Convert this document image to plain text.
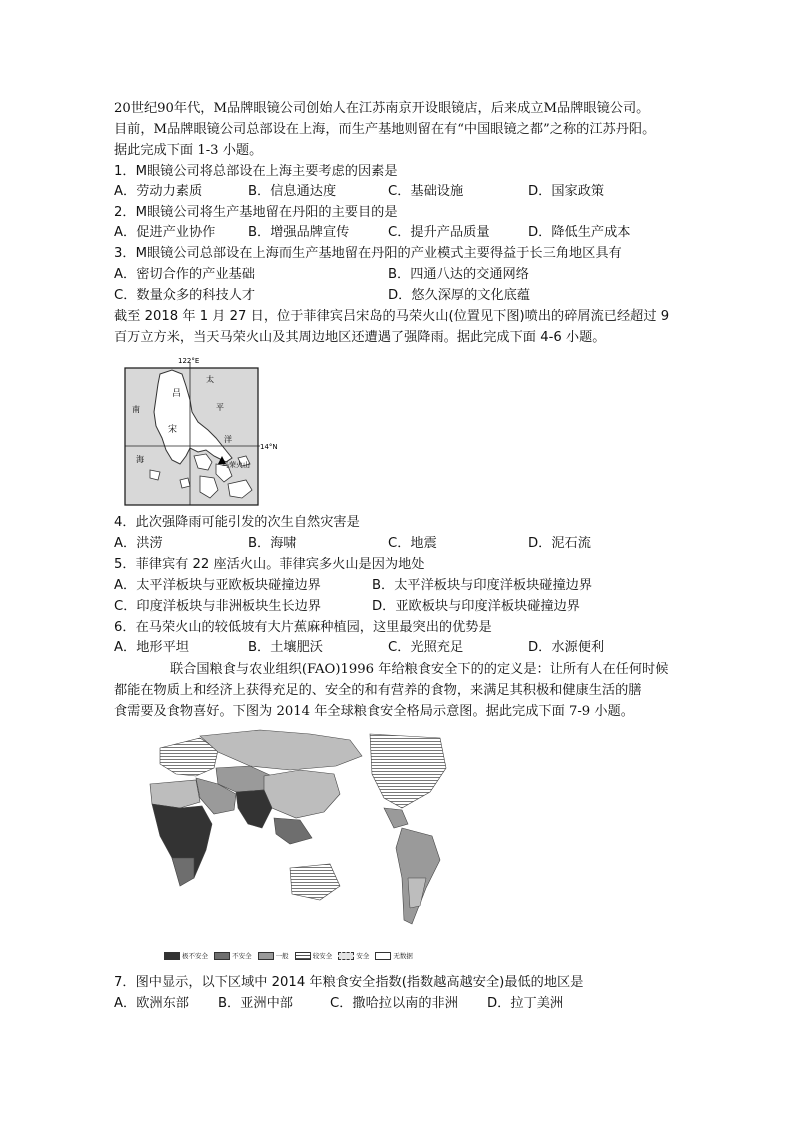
20世纪90年代，M品牌眼镜公司创始人在江苏南京开设眼镜店，后来成立M品牌眼镜公司。
目前，M品牌眼镜公司总部设在上海，而生产基地则留在有“中国眼镜之都”之称的江苏丹阳。
据此完成下面 1-3 小题。
1．M眼镜公司将总部设在上海主要考虑的因素是
A．劳动力素质	B．信息通达度	C．基础设施	D．国家政策
2．M眼镜公司将生产基地留在丹阳的主要目的是
A．促进产业协作 B．增强品牌宣传	C．提升产品质量	D．降低生产成本
3．M眼镜公司总部设在上海而生产基地留在丹阳的产业模式主要得益于长三角地区具有
A．密切合作的产业基础	B．四通八达的交通网络
C．数量众多的科技人才	D．悠久深厚的文化底蕴
截至 2018 年 1 月 27 日，位于菲律宾吕宋岛的马荣火山(位置见下图)喷出的碎屑流已经超过 9
百万立方米，当天马荣火山及其周边地区还遭遇了强降雨。据此完成下面 4-6 小题。
122°E
14°N
吕
宋
太
平
洋
南
海
马荣火山
4．此次强降雨可能引发的次生自然灾害是
A．洪涝	B．海啸	C．地震	D．泥石流
5．菲律宾有 22 座活火山。菲律宾多火山是因为地处
A．太平洋板块与亚欧板块碰撞边界	B．太平洋板块与印度洋板块碰撞边界
C．印度洋板块与非洲板块生长边界	D．亚欧板块与印度洋板块碰撞边界
6．在马荣火山的较低坡有大片蕉麻种植园，这里最突出的优势是
A．地形平坦	B．土壤肥沃	C．光照充足	D．水源便利
联合国粮食与农业组织(FAO)1996 年给粮食安全下的的定义是：让所有人在任何时候
都能在物质上和经济上获得充足的、安全的和有营养的食物，来满足其积极和健康生活的膳
食需要及食物喜好。下图为 2014 年全球粮食安全格局示意图。据此完成下面 7-9 小题。
极不安全	不安全	一般	较安全	安全	无数据
7．图中显示，以下区域中 2014 年粮食安全指数(指数越高越安全)最低的地区是
A．欧洲东部 B．亚洲中部	C．撒哈拉以南的非洲 D．拉丁美洲
